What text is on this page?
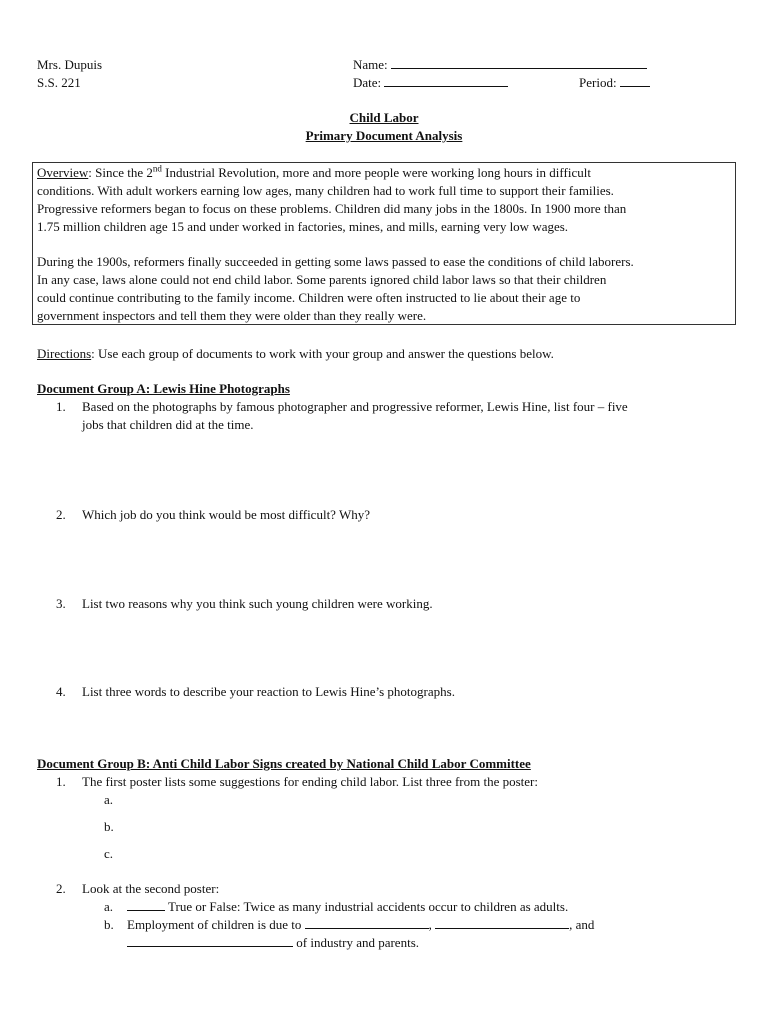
Mrs. Dupuis
S.S. 221
Name:
Date:	Period:
Child Labor
Primary Document Analysis
Overview: Since the 2nd Industrial Revolution, more and more people were working long hours in difficult
conditions. With adult workers earning low ages, many children had to work full time to support their families.
Progressive reformers began to focus on these problems. Children did many jobs in the 1800s. In 1900 more than
1.75 million children age 15 and under worked in factories, mines, and mills, earning very low wages.
During the 1900s, reformers finally succeeded in getting some laws passed to ease the conditions of child laborers.
In any case, laws alone could not end child labor. Some parents ignored child labor laws so that their children
could continue contributing to the family income. Children were often instructed to lie about their age to
government inspectors and tell them they were older than they really were.
Directions: Use each group of documents to work with your group and answer the questions below.
Document Group A: Lewis Hine Photographs
1. Based on the photographs by famous photographer and progressive reformer, Lewis Hine, list four – five
jobs that children did at the time.
2. Which job do you think would be most difficult? Why?
3. List two reasons why you think such young children were working.
4. List three words to describe your reaction to Lewis Hine’s photographs.
Document Group B: Anti Child Labor Signs created by National Child Labor Committee
1. The first poster lists some suggestions for ending child labor. List three from the poster:
a.
b.
c.
2. Look at the second poster:
a.	True or False: Twice as many industrial accidents occur to children as adults.
b. Employment of children is due to	,	, and
of industry and parents.
